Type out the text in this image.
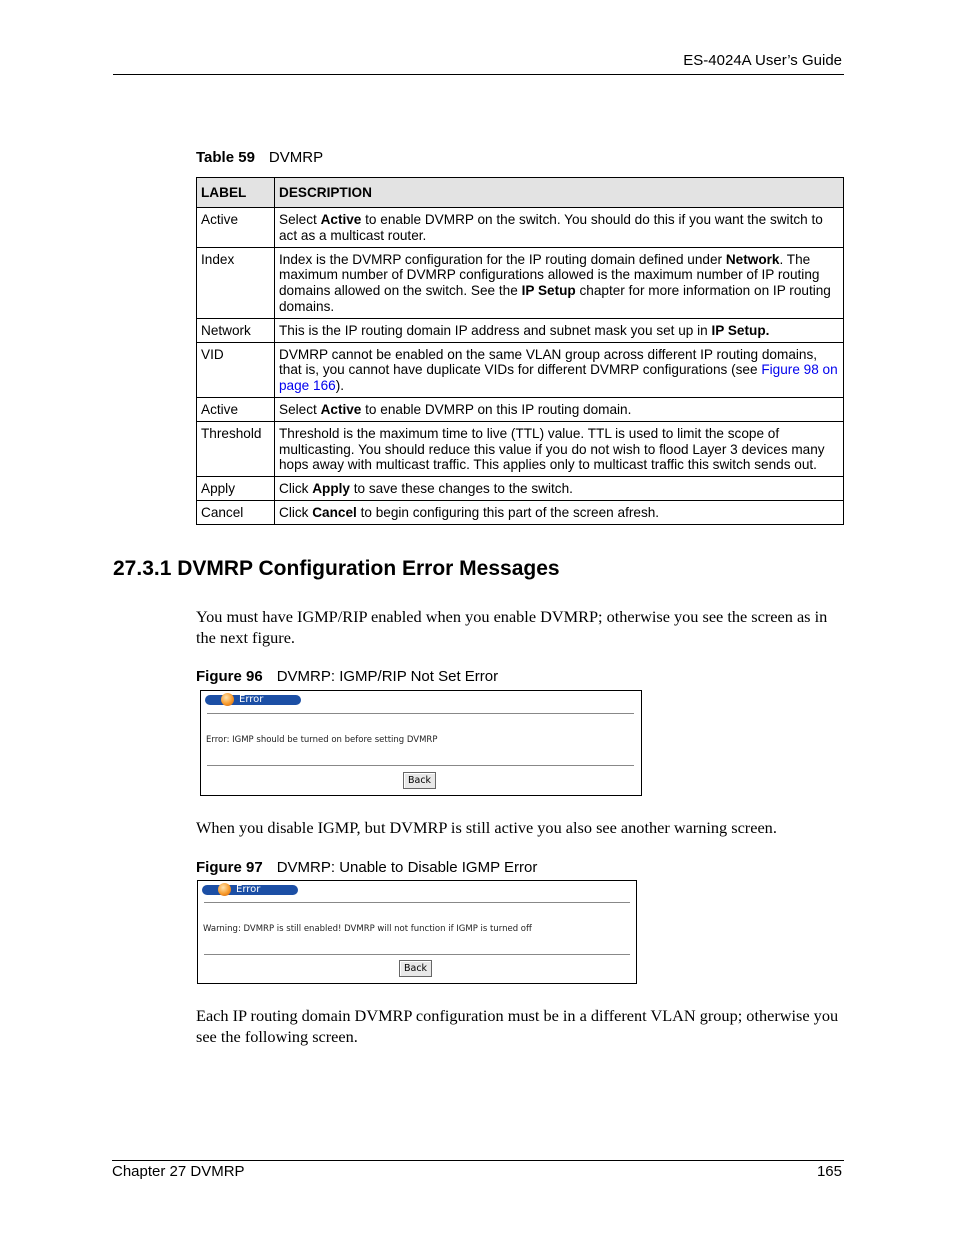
ES-4024A User’s Guide
Table 59 DVMRP
LABEL	DESCRIPTION
Active	Select Active to enable DVMRP on the switch. You should do this if you want the switch to act as a multicast router.
Index	Index is the DVMRP configuration for the IP routing domain defined under Network. The maximum number of DVMRP configurations allowed is the maximum number of IP routing domains allowed on the switch. See the IP Setup chapter for more information on IP routing domains.
Network	This is the IP routing domain IP address and subnet mask you set up in IP Setup.
VID	DVMRP cannot be enabled on the same VLAN group across different IP routing domains, that is, you cannot have duplicate VIDs for different DVMRP configurations (see Figure 98 on page 166).
Active	Select Active to enable DVMRP on this IP routing domain.
Threshold	Threshold is the maximum time to live (TTL) value. TTL is used to limit the scope of multicasting. You should reduce this value if you do not wish to flood Layer 3 devices many hops away with multicast traffic. This applies only to multicast traffic this switch sends out.
Apply	Click Apply to save these changes to the switch.
Cancel	Click Cancel to begin configuring this part of the screen afresh.
27.3.1 DVMRP Configuration Error Messages
You must have IGMP/RIP enabled when you enable DVMRP; otherwise you see the screen as in the next figure.
Figure 96 DVMRP: IGMP/RIP Not Set Error
Error
Error: IGMP should be turned on before setting DVMRP
Back
When you disable IGMP, but DVMRP is still active you also see another warning screen.
Figure 97 DVMRP: Unable to Disable IGMP Error
Error
Warning: DVMRP is still enabled! DVMRP will not function if IGMP is turned off
Back
Each IP routing domain DVMRP configuration must be in a different VLAN group; otherwise you see the following screen.
Chapter 27 DVMRP	165
